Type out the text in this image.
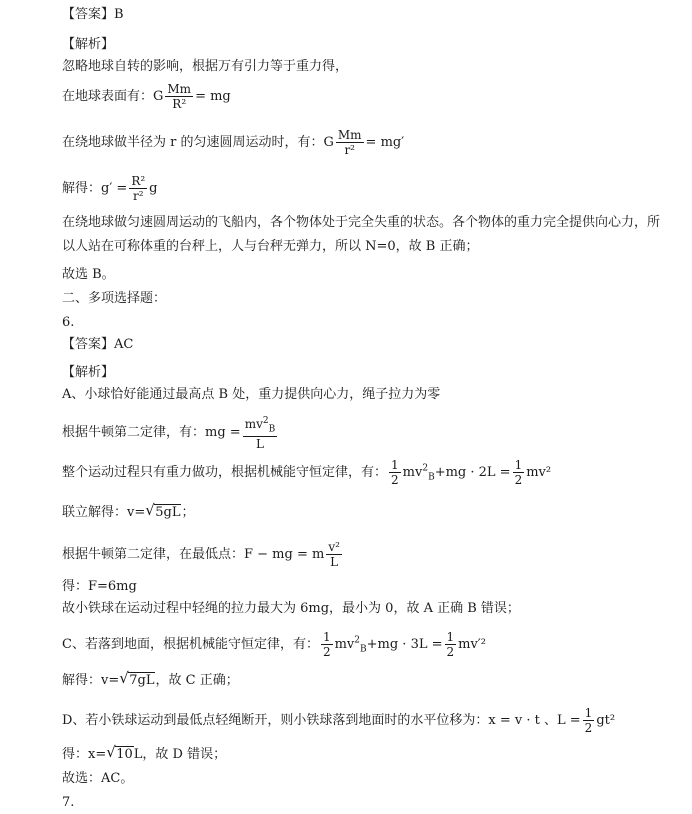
【答案】B
【解析】
忽略地球自转的影响，根据万有引力等于重力得，
在地球表面有：G $\frac{Mm}{\text{R²}}$ = mg
在绕地球做半径为 r 的匀速圆周运动时，有：G $\frac{Mm}{\text{r²}} = mg'$
解得：$g' = \frac{\text{R²}}{\text{r²}}$ g
在绕地球做匀速圆周运动的飞船内，各个物体处于完全失重的状态。各个物体的重力完全提供向心力，所
以人站在可称体重的台秤上，人与台秤无弹力，所以 N=0，故 B 正确；
故选 B。
二、多项选择题：
6.
【答案】AC
【解析】
A、小球恰好能通过最高点 B 处，重力提供向心力，绳子拉力为零
根据牛顿第二定律，有：mg = $\frac{mv^2_B}{L}$
整个运动过程只有重力做功，根据机械能守恒定律，有： $\frac{1}{2} mv^2_B+mg \cdot 2L = \frac{1}{2} mv^2$
联立解得：v= √ 5gL；
根据牛顿第二定律，在最低点：F − mg = m $\frac{\text{v²}}{L}$
得：F=6mg
故小铁球在运动过程中轻绳的拉力最大为 6mg，最小为 0，故 A 正确 B 错误；
C、若落到地面，根据机械能守恒定律，有： $\frac{1}{2} mv^2_B+mg \cdot 3L = \frac{1}{2} mv'^2$
解得：v= √ 7gL，故 C 正确；
D、若小铁球运动到最低点轻绳断开，则小铁球落到地面时的水平位移为：x = v · t 、$L = \frac{1}{2} gt^2$
得：x= √ 10L，故 D 错误；
故选：AC。
7.
